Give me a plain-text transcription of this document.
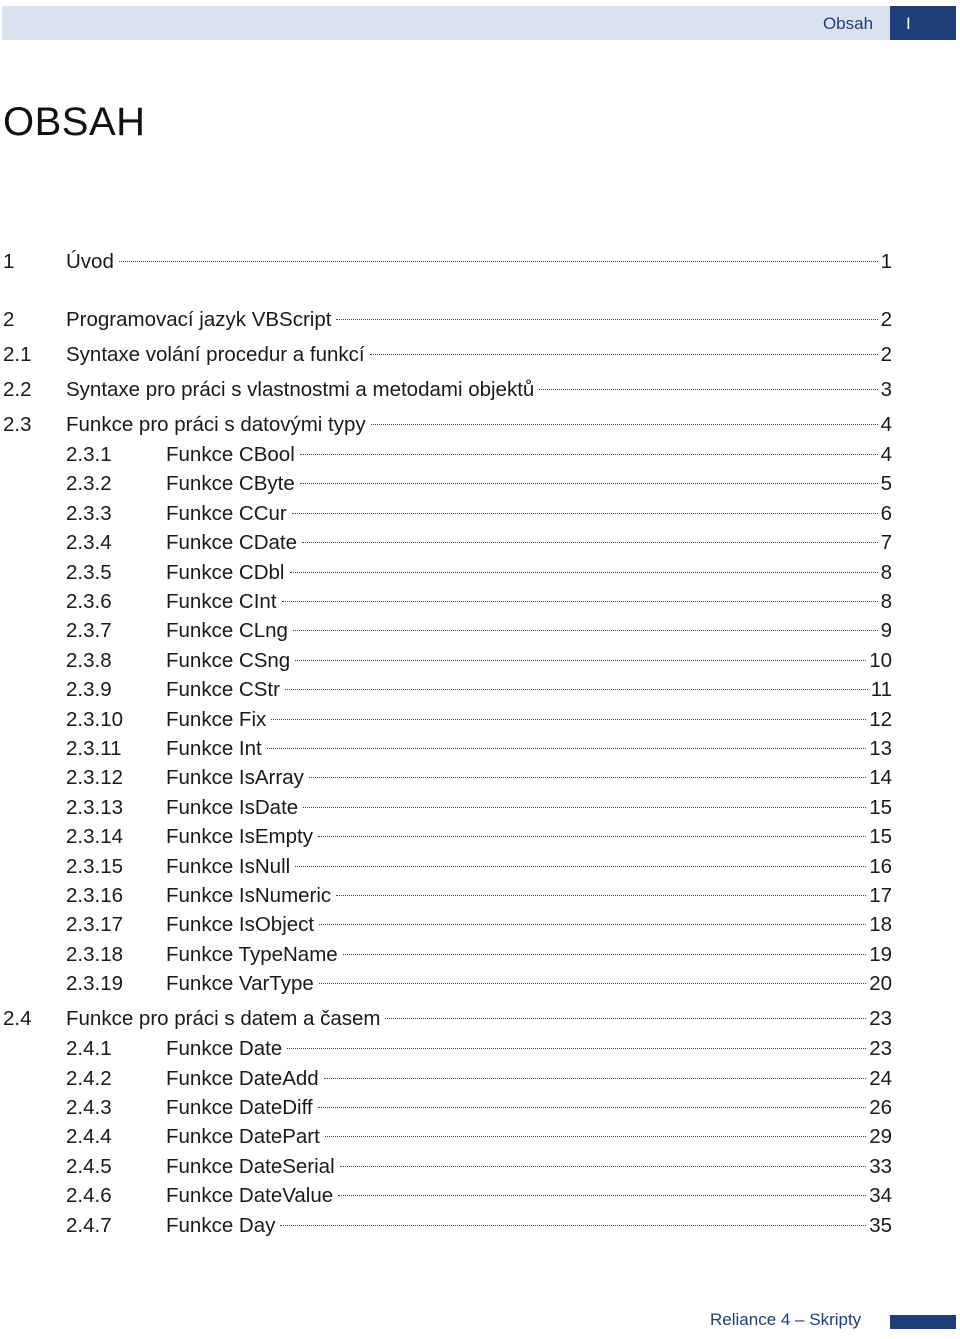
Obsah	I
OBSAH
1	Úvod	1
2	Programovací jazyk VBScript	2
2.1 Syntaxe volání procedur a funkcí	2
2.2 Syntaxe pro práci s vlastnostmi a metodami objektů	3
2.3 Funkce pro práci s datovými typy	4
2.3.1	Funkce CBool	4
2.3.2	Funkce CByte	5
2.3.3	Funkce CCur	6
2.3.4	Funkce CDate	7
2.3.5	Funkce CDbl	8
2.3.6	Funkce CInt	8
2.3.7	Funkce CLng	9
2.3.8	Funkce CSng	10
2.3.9	Funkce CStr	11
2.3.10 Funkce Fix	12
2.3.11 Funkce Int	13
2.3.12 Funkce IsArray	14
2.3.13 Funkce IsDate	15
2.3.14 Funkce IsEmpty	15
2.3.15 Funkce IsNull	16
2.3.16 Funkce IsNumeric	17
2.3.17 Funkce IsObject	18
2.3.18 Funkce TypeName	19
2.3.19 Funkce VarType	20
2.4 Funkce pro práci s datem a časem	23
2.4.1	Funkce Date	23
2.4.2	Funkce DateAdd	24
2.4.3	Funkce DateDiff	26
2.4.4	Funkce DatePart	29
2.4.5	Funkce DateSerial	33
2.4.6	Funkce DateValue	34
2.4.7	Funkce Day	35
Reliance 4 – Skripty
